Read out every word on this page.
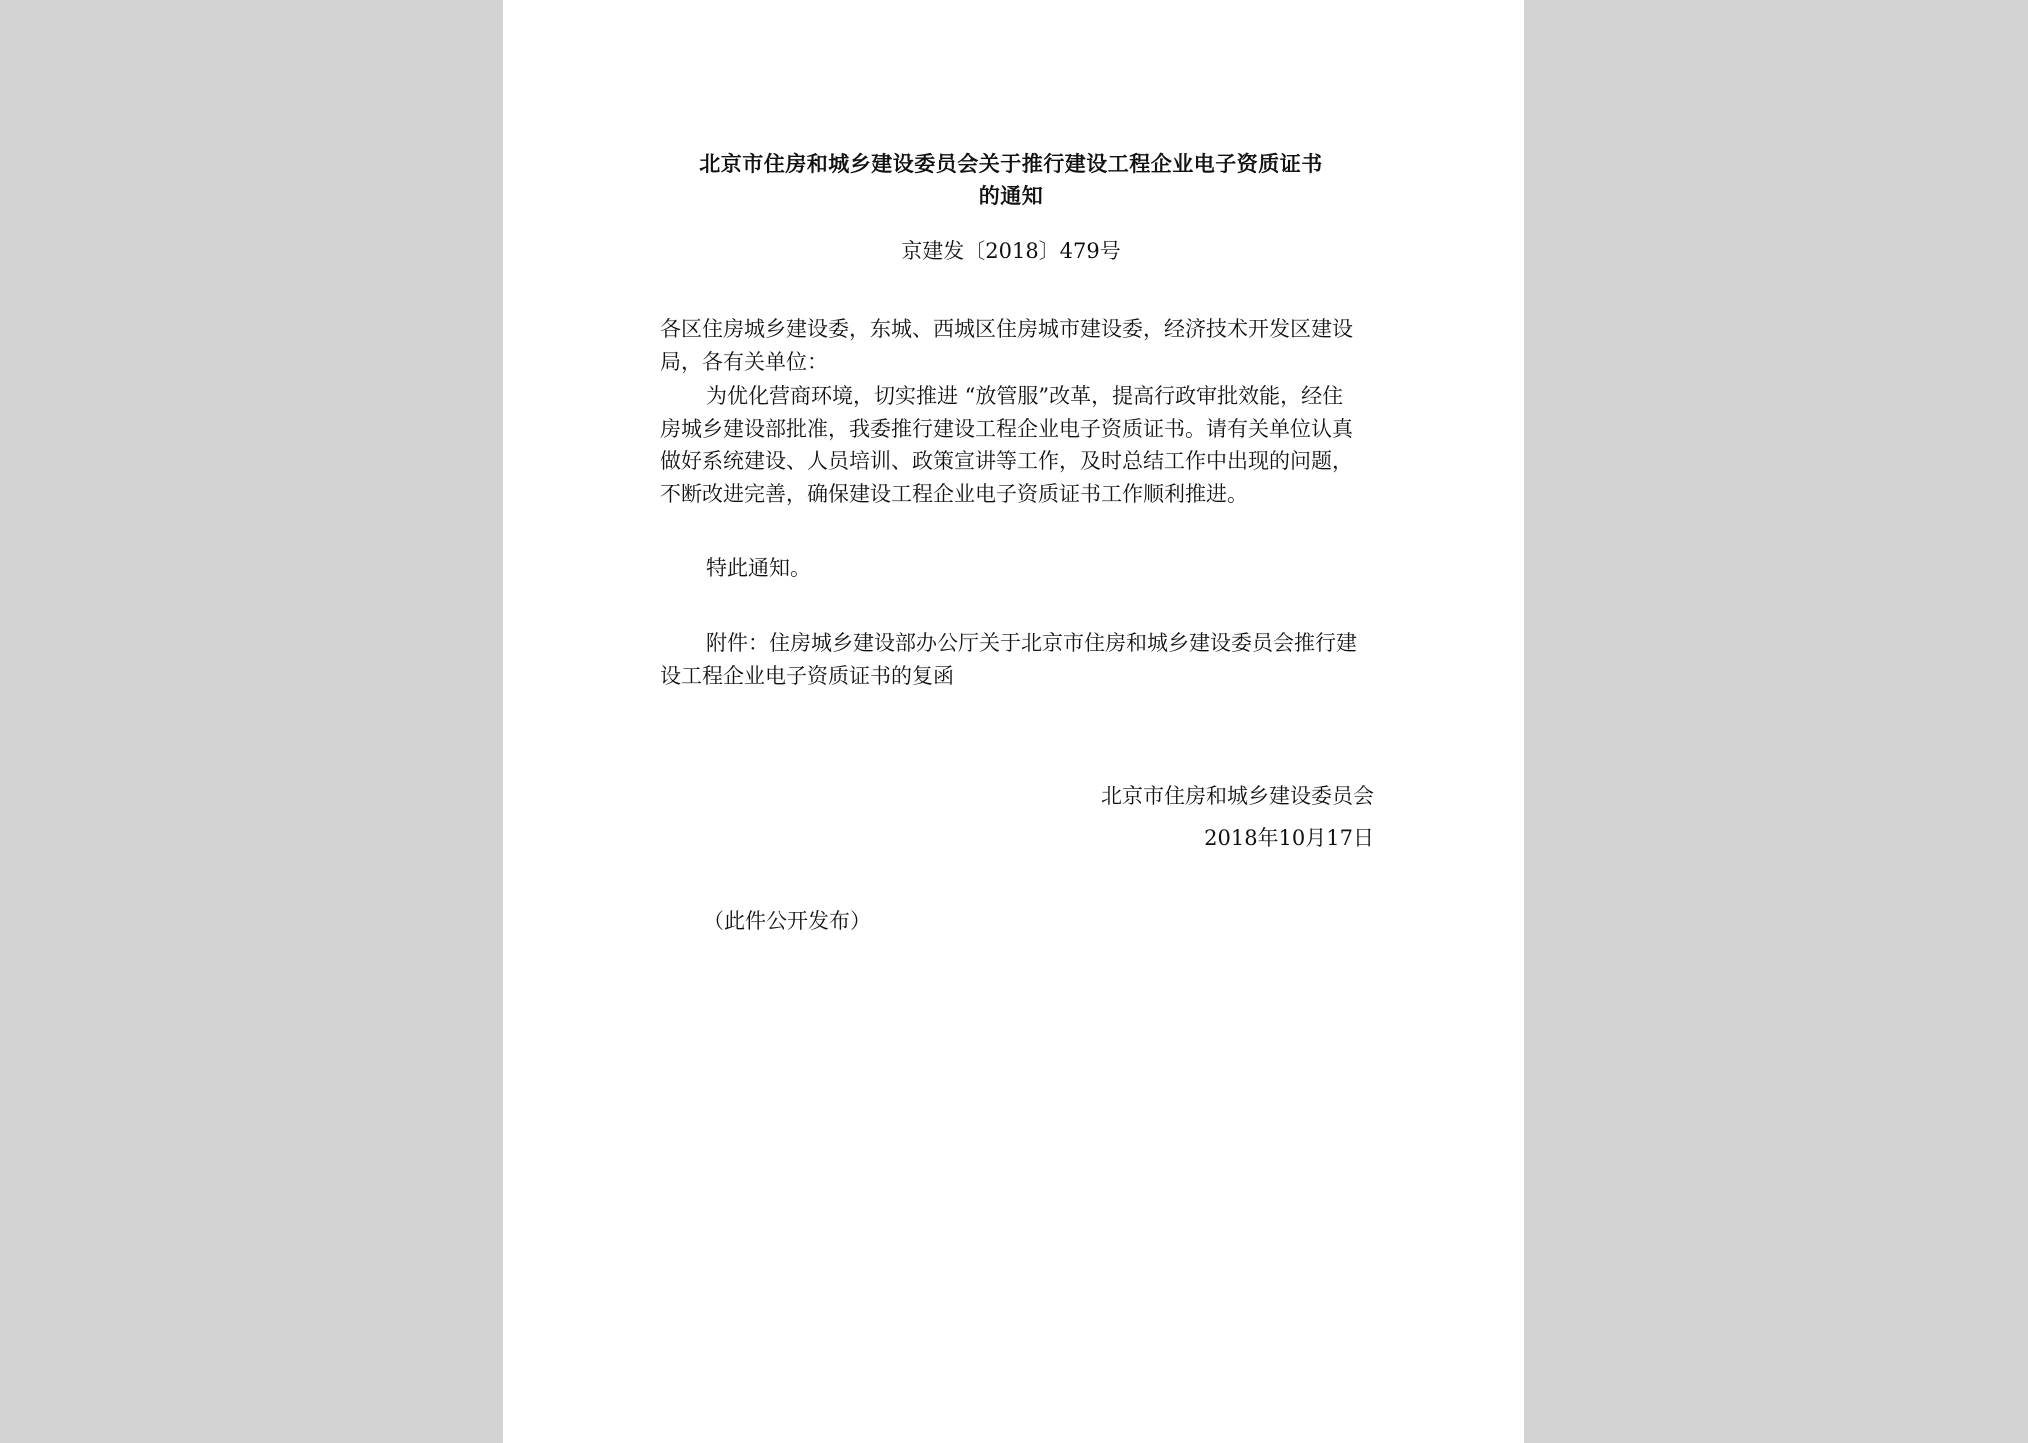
北京市住房和城乡建设委员会关于推行建设工程企业电子资质证书
的通知
京建发〔2018〕479号

各区住房城乡建设委，东城、西城区住房城市建设委，经济技术开发区建设局，各有关单位：

为优化营商环境，切实推进 “放管服”改革，提高行政审批效能，经住房城乡建设部批准，我委推行建设工程企业电子资质证书。请有关单位认真做好系统建设、人员培训、政策宣讲等工作，及时总结工作中出现的问题，不断改进完善，确保建设工程企业电子资质证书工作顺利推进。

特此通知。

附件：住房城乡建设部办公厅关于北京市住房和城乡建设委员会推行建设工程企业电子资质证书的复函

北京市住房和城乡建设委员会
2018年10月17日
（此件公开发布）
